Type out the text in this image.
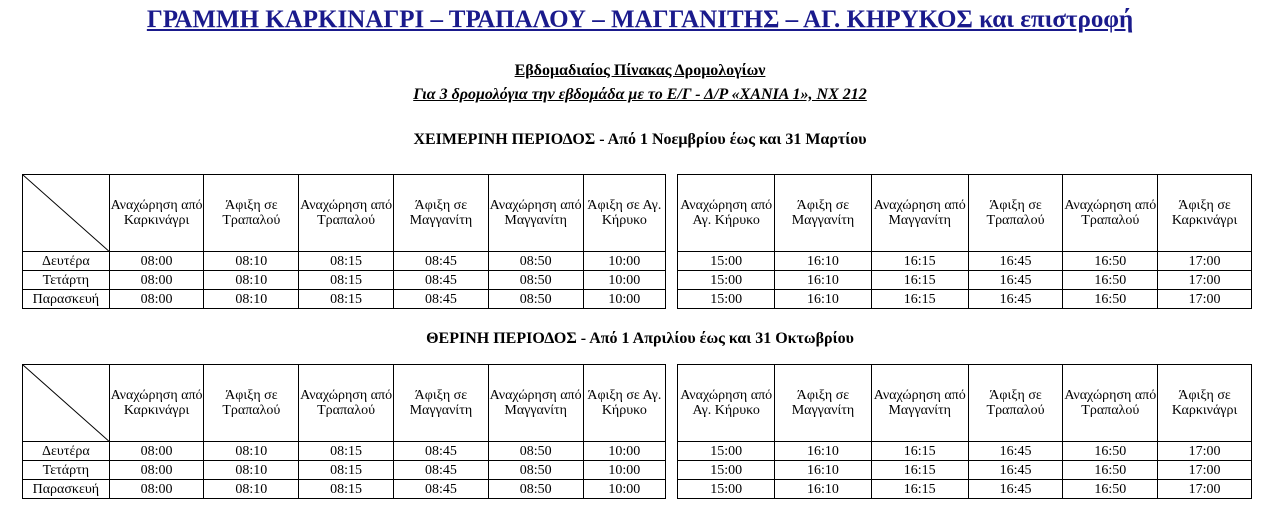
ΓΡΑΜΜΗ ΚΑΡΚΙΝΑΓΡΙ – ΤΡΑΠΑΛΟΥ – ΜΑΓΓΑΝΙΤΗΣ – ΑΓ. ΚΗΡΥΚΟΣ και επιστροφή
Εβδομαδιαίος Πίνακας Δρομολογίων
Για 3 δρομολόγια την εβδομάδα με το Ε/Γ - Δ/Ρ «ΧΑΝΙΑ 1», ΝΧ 212
ΧΕΙΜΕΡΙΝΗ ΠΕΡΙΟΔΟΣ - Από 1 Νοεμβρίου έως και 31 Μαρτίου
	Αναχώρηση από Καρκινάγρι	Άφιξη σε Τραπαλού	Αναχώρηση από Τραπαλού	Άφιξη σε Μαγγανίτη	Αναχώρηση από Μαγγανίτη	Άφιξη σε Αγ. Κήρυκο		Αναχώρηση από Αγ. Κήρυκο	Άφιξη σε Μαγγανίτη	Αναχώρηση από Μαγγανίτη	Άφιξη σε Τραπαλού	Αναχώρηση από Τραπαλού	Άφιξη σε Καρκινάγρι
Δευτέρα	08:00	08:10	08:15	08:45	08:50	10:00		15:00	16:10	16:15	16:45	16:50	17:00
Τετάρτη	08:00	08:10	08:15	08:45	08:50	10:00		15:00	16:10	16:15	16:45	16:50	17:00
Παρασκευή	08:00	08:10	08:15	08:45	08:50	10:00		15:00	16:10	16:15	16:45	16:50	17:00
ΘΕΡΙΝΗ ΠΕΡΙΟΔΟΣ - Από 1 Απριλίου έως και 31 Οκτωβρίου
	Αναχώρηση από Καρκινάγρι	Άφιξη σε Τραπαλού	Αναχώρηση από Τραπαλού	Άφιξη σε Μαγγανίτη	Αναχώρηση από Μαγγανίτη	Άφιξη σε Αγ. Κήρυκο		Αναχώρηση από Αγ. Κήρυκο	Άφιξη σε Μαγγανίτη	Αναχώρηση από Μαγγανίτη	Άφιξη σε Τραπαλού	Αναχώρηση από Τραπαλού	Άφιξη σε Καρκινάγρι
Δευτέρα	08:00	08:10	08:15	08:45	08:50	10:00		15:00	16:10	16:15	16:45	16:50	17:00
Τετάρτη	08:00	08:10	08:15	08:45	08:50	10:00		15:00	16:10	16:15	16:45	16:50	17:00
Παρασκευή	08:00	08:10	08:15	08:45	08:50	10:00		15:00	16:10	16:15	16:45	16:50	17:00
